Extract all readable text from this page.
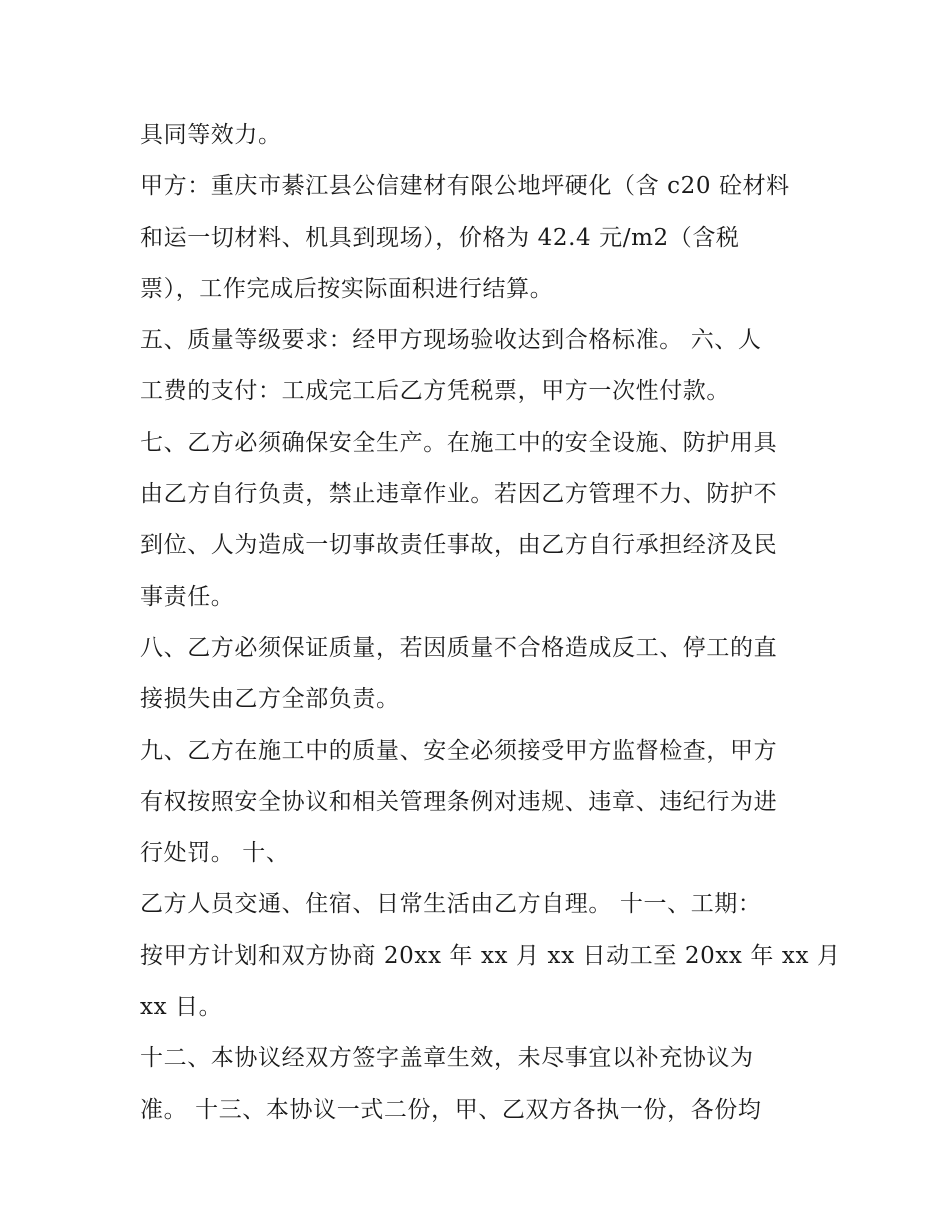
具同等效力。
甲方：重庆市綦江县公信建材有限公地坪硬化（含 c20 砼材料
和运一切材料、机具到现场），价格为 42.4 元/m2（含税
票），工作完成后按实际面积进行结算。
五、质量等级要求：经甲方现场验收达到合格标准。 六、人
工费的支付：工成完工后乙方凭税票，甲方一次性付款。
七、乙方必须确保安全生产。在施工中的安全设施、防护用具
由乙方自行负责，禁止违章作业。若因乙方管理不力、防护不
到位、人为造成一切事故责任事故，由乙方自行承担经济及民
事责任。
八、乙方必须保证质量，若因质量不合格造成反工、停工的直
接损失由乙方全部负责。
九、乙方在施工中的质量、安全必须接受甲方监督检查，甲方
有权按照安全协议和相关管理条例对违规、违章、违纪行为进
行处罚。 十、
乙方人员交通、住宿、日常生活由乙方自理。 十一、工期：
按甲方计划和双方协商 20xx 年 xx 月 xx 日动工至 20xx 年 xx 月
xx 日。
十二、本协议经双方签字盖章生效，未尽事宜以补充协议为
准。 十三、本协议一式二份，甲、乙双方各执一份，各份均
